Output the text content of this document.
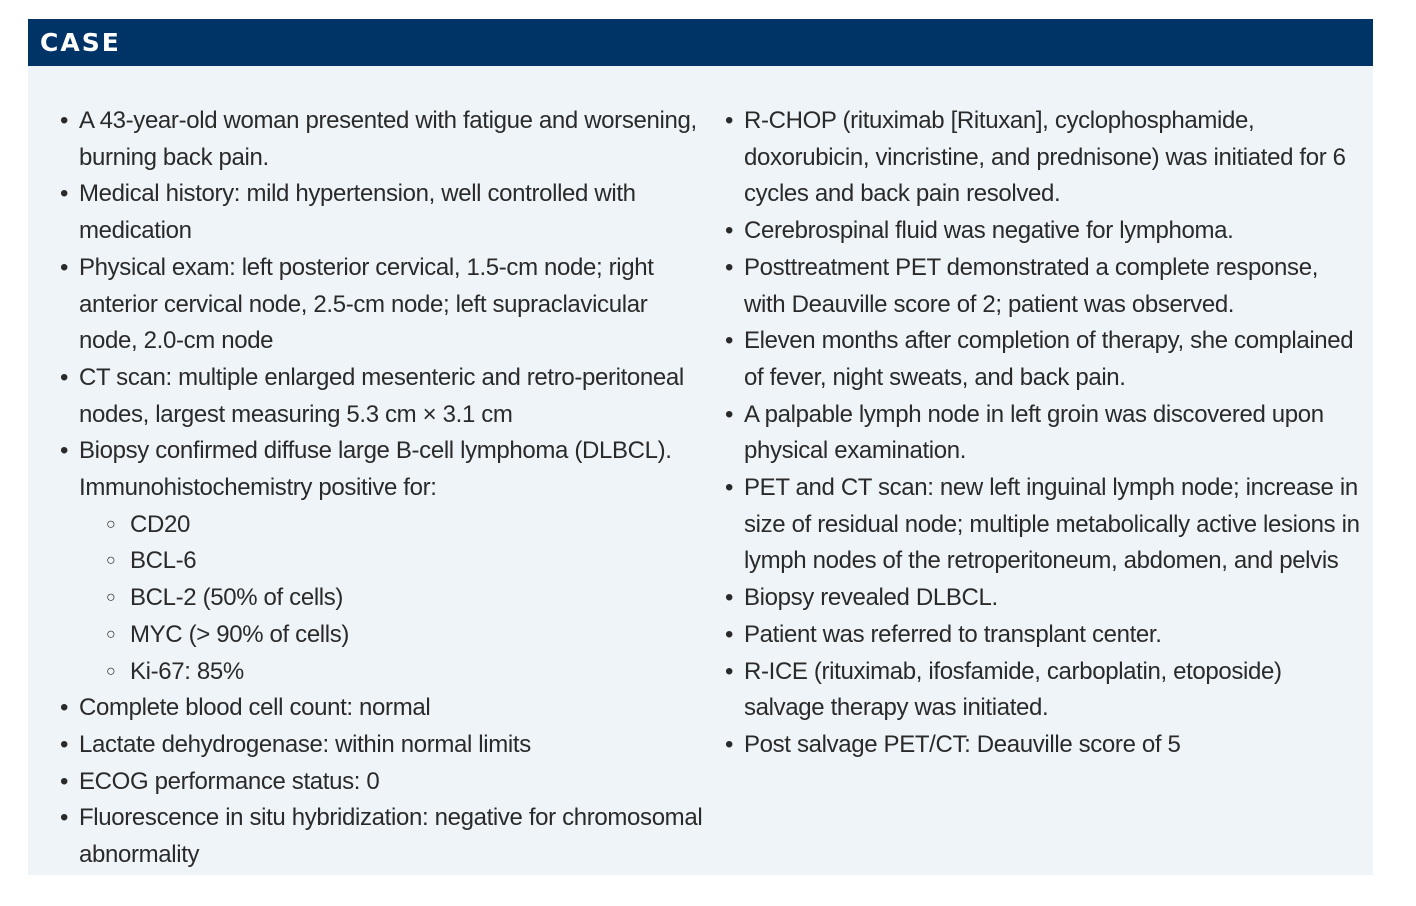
CASE
• A 43-year-old woman presented with fatigue and worsening, burning back pain.
• Medical history: mild hypertension, well controlled with medication
• Physical exam: left posterior cervical, 1.5-cm node; right anterior cervical node, 2.5-cm node; left supraclavicular node, 2.0-cm node
• CT scan: multiple enlarged mesenteric and retro-peritoneal nodes, largest measuring 5.3 cm × 3.1 cm
• Biopsy confirmed diffuse large B-cell lymphoma (DLBCL). Immunohistochemistry positive for:
○ CD20
○ BCL-6
○ BCL-2 (50% of cells)
○ MYC (> 90% of cells)
○ Ki-67: 85%
• Complete blood cell count: normal
• Lactate dehydrogenase: within normal limits
• ECOG performance status: 0
• Fluorescence in situ hybridization: negative for chromosomal abnormality
• R-CHOP (rituximab [Rituxan], cyclophosphamide, doxorubicin, vincristine, and prednisone) was initiated for 6 cycles and back pain resolved.
• Cerebrospinal fluid was negative for lymphoma.
• Posttreatment PET demonstrated a complete response, with Deauville score of 2; patient was observed.
• Eleven months after completion of therapy, she complained of fever, night sweats, and back pain.
• A palpable lymph node in left groin was discovered upon physical examination.
• PET and CT scan: new left inguinal lymph node; increase in size of residual node; multiple metabolically active lesions in lymph nodes of the retroperitoneum, abdomen, and pelvis
• Biopsy revealed DLBCL.
• Patient was referred to transplant center.
• R-ICE (rituximab, ifosfamide, carboplatin, etoposide) salvage therapy was initiated.
• Post salvage PET/CT: Deauville score of 5
